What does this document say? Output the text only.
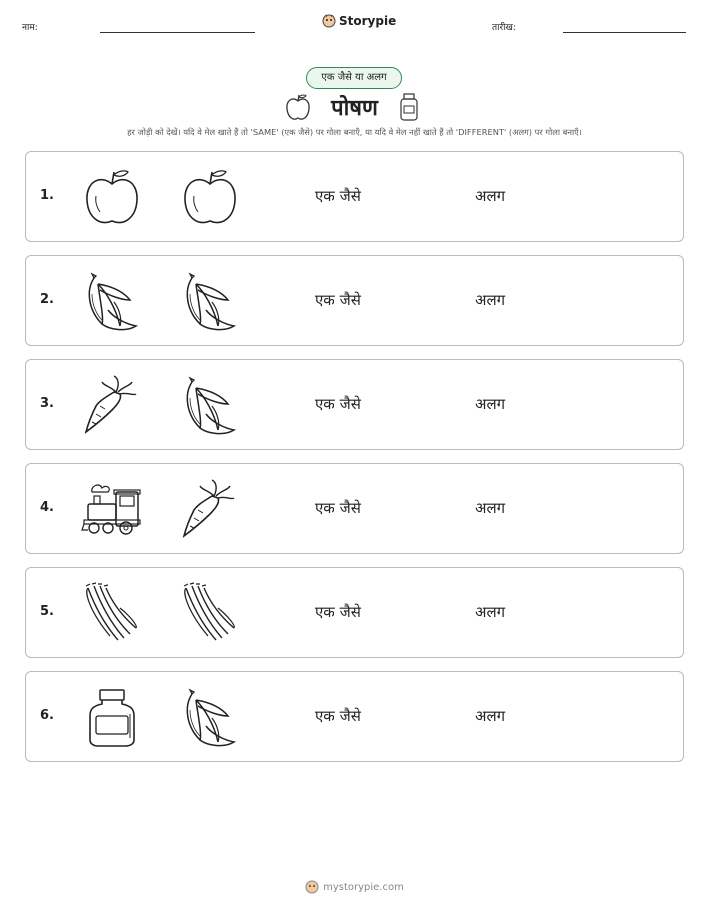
नाम:	Storypie	तारीख:
एक जैसे या अलग
पोषण
हर जोड़ी को देखें। यदि वे मेल खाते हैं तो 'SAME' (एक जैसे) पर गोला बनाएँ, या यदि वे मेल नहीं खाते हैं तो 'DIFFERENT' (अलग) पर गोला बनाएँ।
1.	एक जैसे	अलग
2.	एक जैसे	अलग
3.	एक जैसे	अलग
4.	एक जैसे	अलग
5.	एक जैसे	अलग
6.	एक जैसे	अलग
mystorypie.com
